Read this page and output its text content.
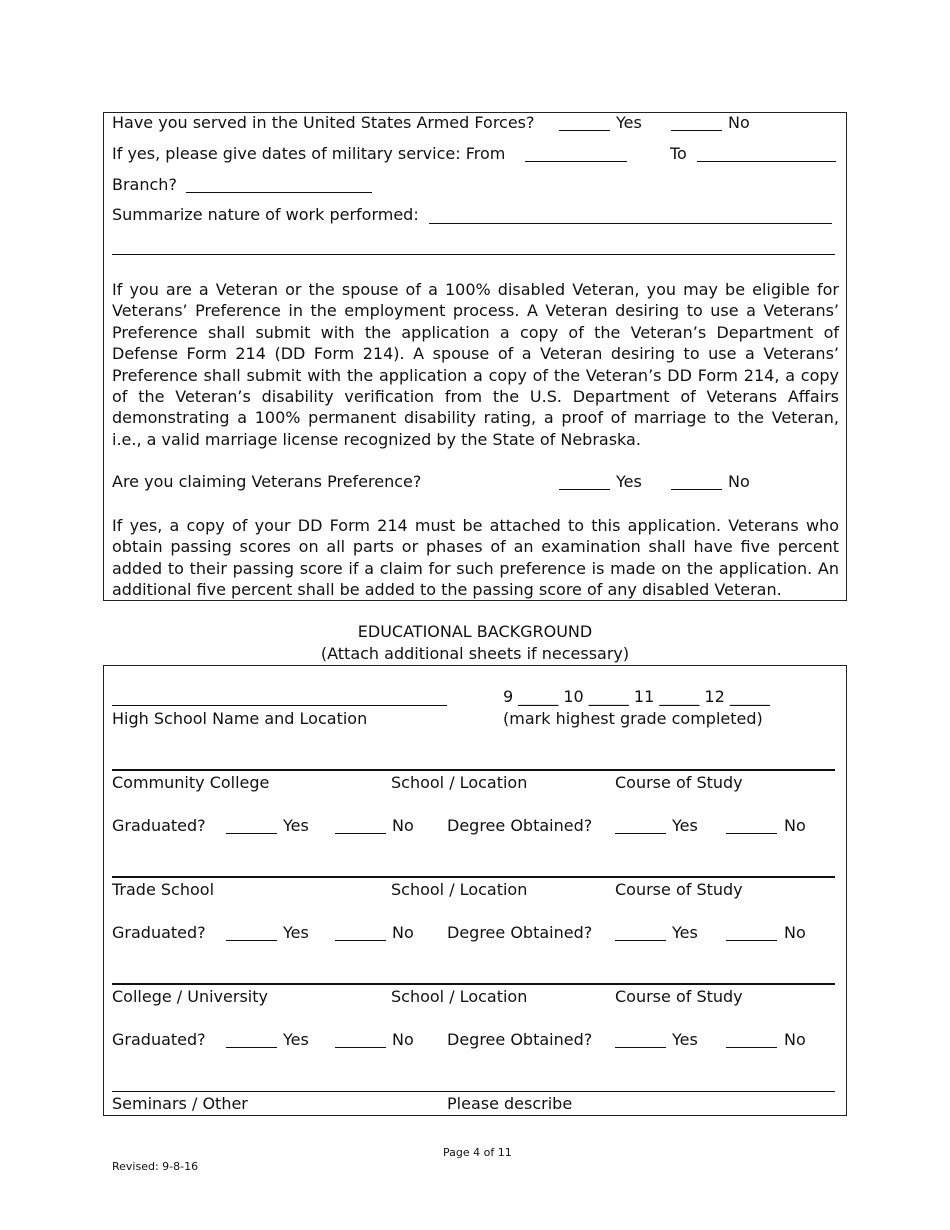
Have you served in the United States Armed Forces?	Yes	No
If yes, please give dates of military service: From	To
Branch?
Summarize nature of work performed:
If you are a Veteran or the spouse of a 100% disabled Veteran, you may be eligible for Veterans’ Preference in the employment process. A Veteran desiring to use a Veterans’ Preference shall submit with the application a copy of the Veteran’s Department of Defense Form 214 (DD Form 214). A spouse of a Veteran desiring to use a Veterans’ Preference shall submit with the application a copy of the Veteran’s DD Form 214, a copy of the Veteran’s disability verification from the U.S. Department of Veterans Affairs demonstrating a 100% permanent disability rating, a proof of marriage to the Veteran, i.e., a valid marriage license recognized by the State of Nebraska.
Are you claiming Veterans Preference?	Yes	No
If yes, a copy of your DD Form 214 must be attached to this application. Veterans who obtain passing scores on all parts or phases of an examination shall have five percent added to their passing score if a claim for such preference is made on the application. An additional five percent shall be added to the passing score of any disabled Veteran.
EDUCATIONAL BACKGROUND
(Attach additional sheets if necessary)
9 _____ 10 _____ 11 _____ 12 _____
High School Name and Location	(mark highest grade completed)
Community College	School / Location	Course of Study
Graduated?	Yes	No Degree Obtained?	Yes	No
Trade School	School / Location	Course of Study
Graduated?	Yes	No Degree Obtained?	Yes	No
College / University	School / Location	Course of Study
Graduated?	Yes	No Degree Obtained?	Yes	No
Seminars / Other	Please describe
Page 4 of 11
Revised: 9-8-16
